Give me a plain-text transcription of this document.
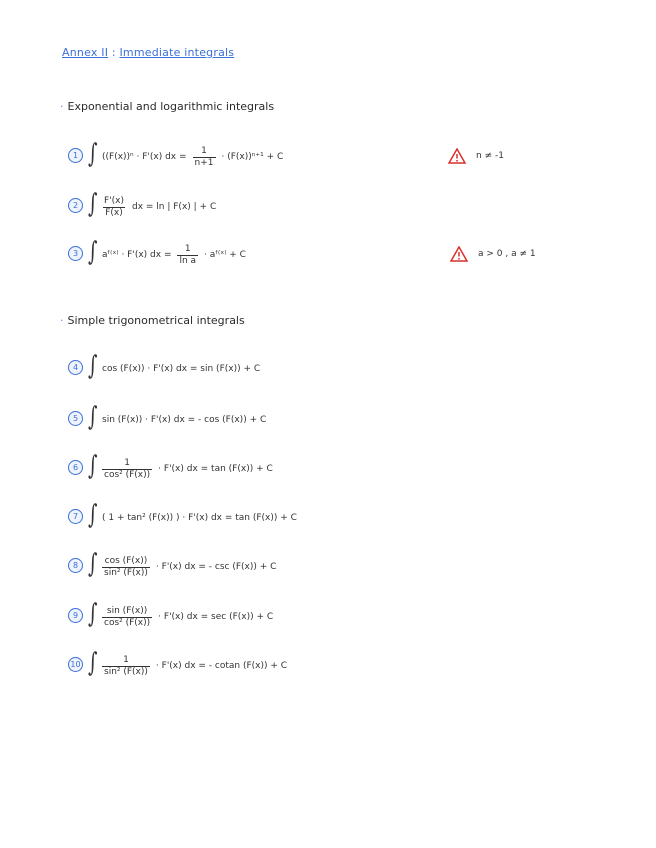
Annex II : Immediate integrals
· Exponential and logarithmic integrals
1 ∫ ((F(x))ⁿ · F'(x) dx = $\frac{1}{n+1} \cdot (F(x))^{n+1} + C$	n ≠ -1
2 ∫ $\frac{F'(x)}{F(x)}$ dx = ln | F(x) | + C
3 ∫ aᶠ⁽ˣ⁾ · F'(x) dx = $\frac{1}{\text{ln a}}$ · aᶠ⁽ˣ⁾ + C	a > 0 , a ≠ 1
· Simple trigonometrical integrals
4 ∫ cos (F(x)) · F'(x) dx = sin (F(x)) + C
5 ∫ sin (F(x)) · F'(x) dx = - cos (F(x)) + C
6 ∫ $\frac{1}{\text{cos² (F(x))}} \cdot F'(x)$ dx = tan (F(x)) + C
7 ∫ ( 1 + tan² (F(x)) ) · F'(x) dx = tan (F(x)) + C
8 ∫ $\frac{\cos (F(x))}{\text{sin² (F(x))}} \cdot F'(x)$ dx = - csc (F(x)) + C
9 ∫ $\frac{\sin (F(x))}{\text{cos² (F(x))}} \cdot F'(x)$ dx = sec (F(x)) + C
10 ∫ $\frac{1}{\text{sin² (F(x))}} \cdot F'(x)$ dx = - cotan (F(x)) + C
